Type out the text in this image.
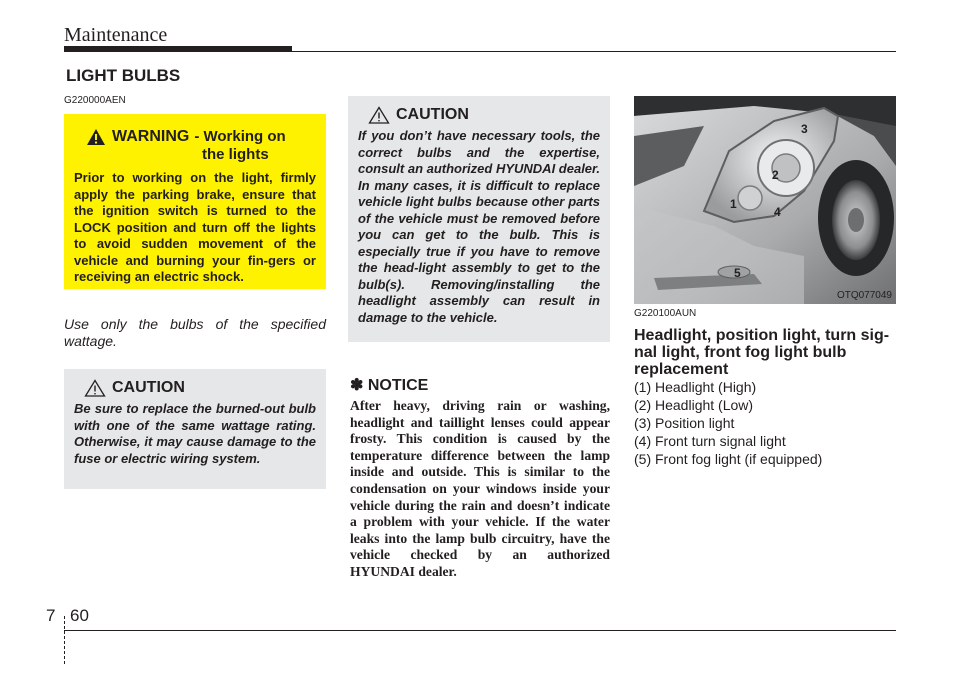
Maintenance
LIGHT BULBS
G220000AEN
WARNING - Working on
the lights
Prior to working on the light, firmly apply the parking brake, ensure that the ignition switch is turned to the LOCK position and turn off the lights to avoid sudden movement of the vehicle and burning your fin-gers or receiving an electric shock.
Use only the bulbs of the specified wattage.
CAUTION
Be sure to replace the burned-out bulb with one of the same wattage rating. Otherwise, it may cause damage to the fuse or electric wiring system.
CAUTION
If you don’t have necessary tools, the correct bulbs and the expertise, consult an authorized HYUNDAI dealer. In many cases, it is difficult to replace vehicle light bulbs because other parts of the vehicle must be removed before you can get to the bulb. This is especially true if you have to remove the head-light assembly to get to the bulb(s). Removing/installing the headlight assembly can result in damage to the vehicle.
✽ NOTICE
After heavy, driving rain or washing, headlight and taillight lenses could appear frosty. This condition is caused by the temperature difference between the lamp inside and outside. This is similar to the condensation on your windows inside your vehicle during the rain and doesn’t indicate a problem with your vehicle. If the water leaks into the lamp bulb circuitry, have the vehicle checked by an authorized HYUNDAI dealer.
3
2
1
4
5
OTQ077049
G220100AUN
Headlight, position light, turn sig-nal light, front fog light bulb replacement
(1) Headlight (High)
(2) Headlight (Low)
(3) Position light
(4) Front turn signal light
(5) Front fog light (if equipped)
7 60
